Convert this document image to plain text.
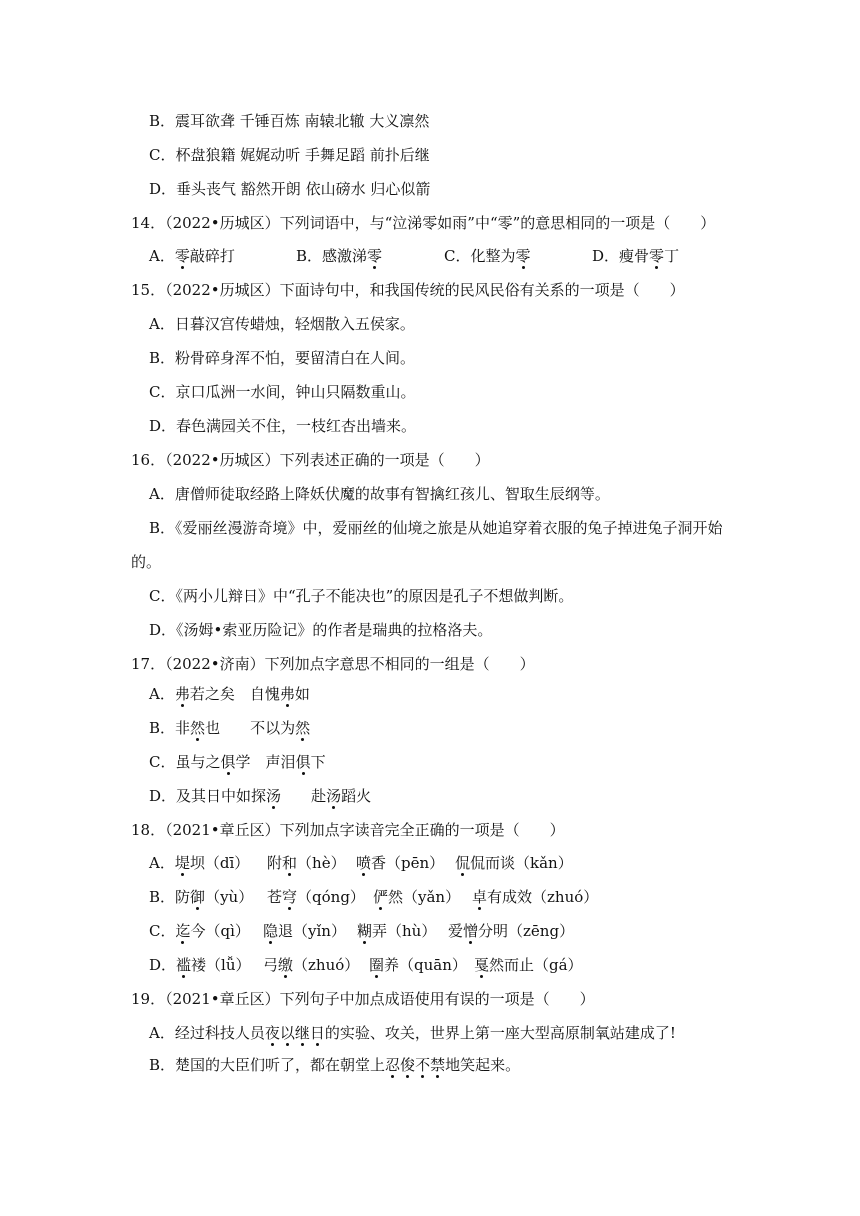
B．震耳欲聋 千锤百炼 南辕北辙 大义凛然
C．杯盘狼籍 娓娓动听 手舞足蹈 前扑后继
D．垂头丧气 豁然开朗 依山磅水 归心似箭
14．（2022•历城区）下列词语中，与“泣涕零如雨”中“零”的意思相同的一项是（　　）
A．零敲碎打	B．感激涕零	C．化整为零	D．瘦骨零丁
15．（2022•历城区）下面诗句中，和我国传统的民风民俗有关系的一项是（　　）
A．日暮汉宫传蜡烛，轻烟散入五侯家。
B．粉骨碎身浑不怕，要留清白在人间。
C．京口瓜洲一水间，钟山只隔数重山。
D．春色满园关不住，一枝红杏出墙来。
16．（2022•历城区）下列表述正确的一项是（　　）
A．唐僧师徒取经路上降妖伏魔的故事有智擒红孩儿、智取生辰纲等。
B．《爱丽丝漫游奇境》中，爱丽丝的仙境之旅是从她追穿着衣服的兔子掉进兔子洞开始
的。
C．《两小儿辩日》中“孔子不能决也”的原因是孔子不想做判断。
D．《汤姆•索亚历险记》的作者是瑞典的拉格洛夫。
17．（2022•济南）下列加点字意思不相同的一组是（　　）
A．弗若之矣　 自愧弗如
B．非然也　　 不以为然
C．虽与之俱学　 声泪俱下
D．及其日中如探汤　　 赴汤蹈火
18．（2021•章丘区）下列加点字读音完全正确的一项是（　　）
A．堤坝（dī）	附和（hè） 喷香（pēn） 侃侃而谈（kǎn）
B．防御（yù） 苍穹（qóng） 俨然（yǎn） 卓有成效（zhuó）
C．迄今（qì） 隐退（yǐn） 糊弄（hù） 爱憎分明（zēng）
D．褴褛（lǚ） 弓缴（zhuó） 圈养（quān） 戛然而止（gá）
19．（2021•章丘区）下列句子中加点成语使用有误的一项是（　　）
A．经过科技人员夜以继日的实验、攻关，世界上第一座大型高原制氧站建成了!
B．楚国的大臣们听了，都在朝堂上忍俊不禁地笑起来。
